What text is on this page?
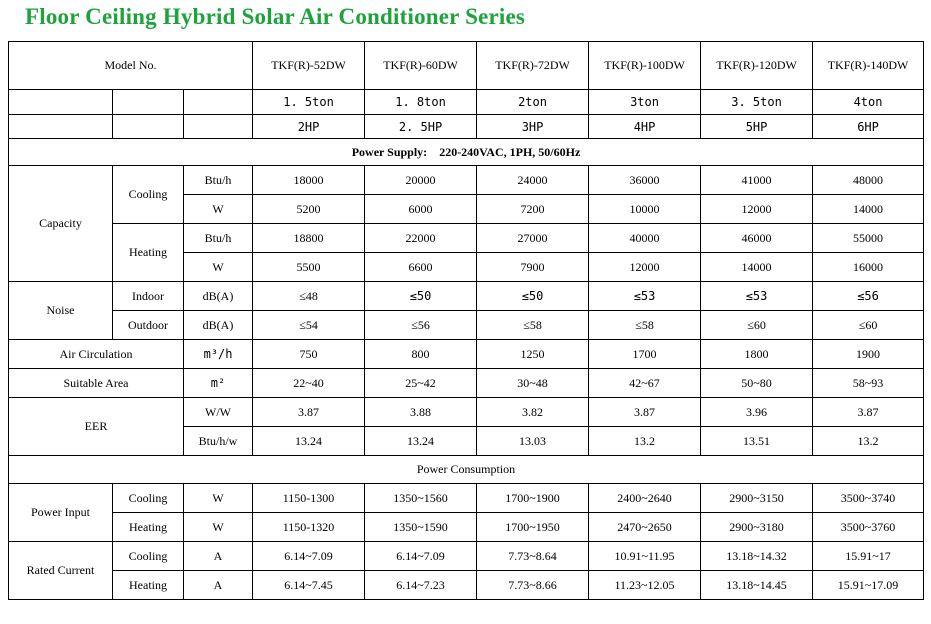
Floor Ceiling Hybrid Solar Air Conditioner Series
Model No.			TKF(R)-52DW	TKF(R)-60DW	TKF(R)-72DW	TKF(R)-100DW	TKF(R)-120DW	TKF(R)-140DW
			1. 5ton	1. 8ton	2ton	3ton	3. 5ton	4ton
			2HP	2. 5HP	3HP	4HP	5HP	6HP
Power Supply: 220-240VAC, 1PH, 50/60Hz								
Capacity	Cooling	Btu/h	18000	20000	24000	36000	41000	48000
		W	5200	6000	7200	10000	12000	14000
	Heating	Btu/h	18800	22000	27000	40000	46000	55000
		W	5500	6600	7900	12000	14000	16000
Noise	Indoor	dB(A)	≤48	≤50	≤50	≤53	≤53	≤56
	Outdoor	dB(A)	≤54	≤56	≤58	≤58	≤60	≤60
Air Circulation		m³/h	750	800	1250	1700	1800	1900
Suitable Area		m²	22~40	25~42	30~48	42~67	50~80	58~93
EER		W/W	3.87	3.88	3.82	3.87	3.96	3.87
		Btu/h/w	13.24	13.24	13.03	13.2	13.51	13.2
Power Consumption								
Power Input	Cooling	W	1150-1300	1350~1560	1700~1900	2400~2640	2900~3150	3500~3740
	Heating	W	1150-1320	1350~1590	1700~1950	2470~2650	2900~3180	3500~3760
Rated Current	Cooling	A	6.14~7.09	6.14~7.09	7.73~8.64	10.91~11.95	13.18~14.32	15.91~17
	Heating	A	6.14~7.45	6.14~7.23	7.73~8.66	11.23~12.05	13.18~14.45	15.91~17.09
